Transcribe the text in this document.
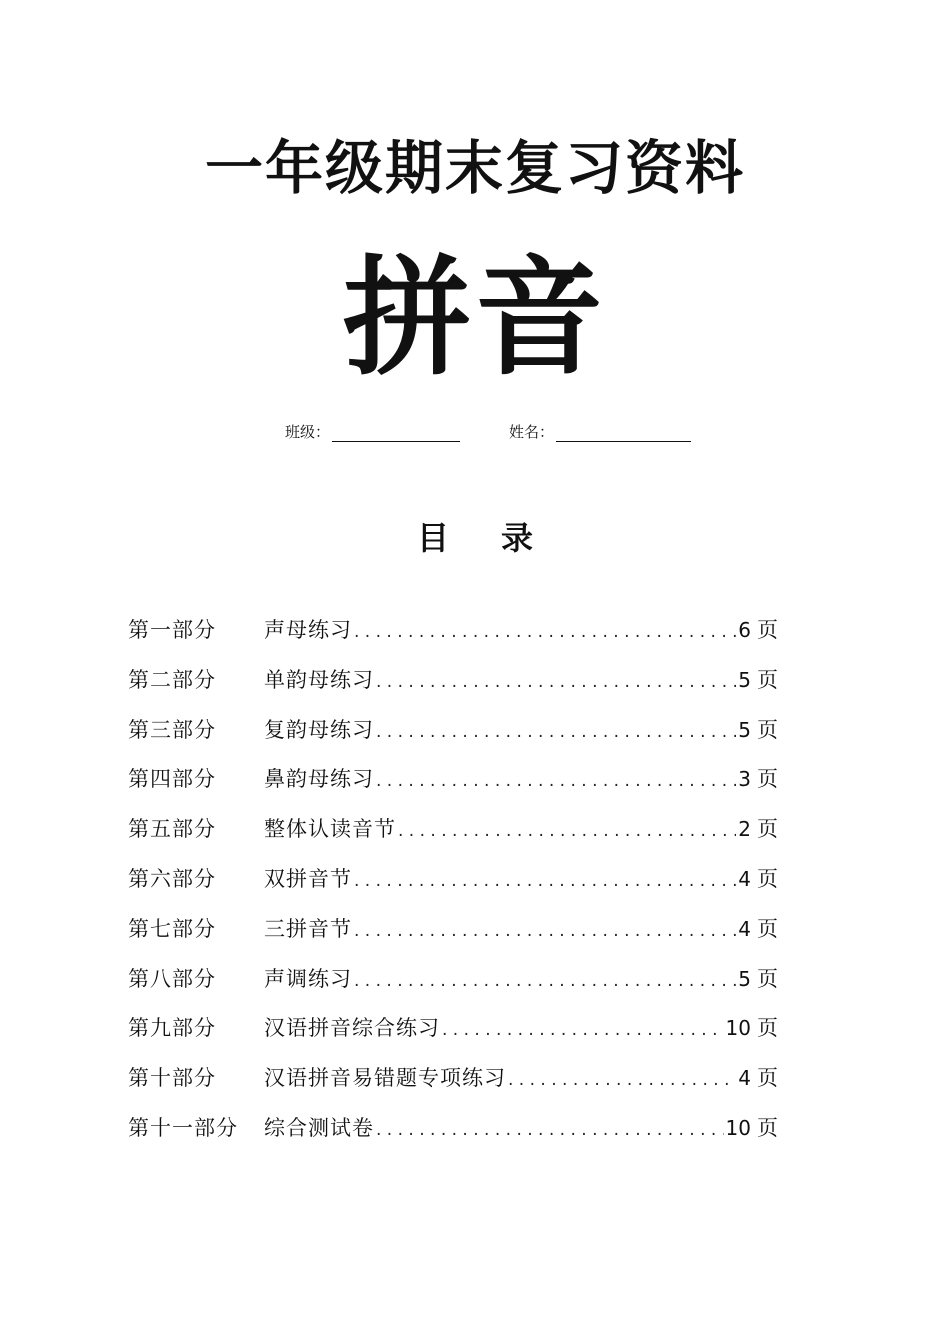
一年级期末复习资料
拼音
班级：	姓名：
目 录
第一部分	声母练习 .....	6 页
第二部分	单韵母练习 .....	5 页
第三部分	复韵母练习 .....	5 页
第四部分	鼻韵母练习 .....	3 页
第五部分	整体认读音节 .....	2 页
第六部分	双拼音节 .....	4 页
第七部分	三拼音节 .....	4 页
第八部分	声调练习 .....	5 页
第九部分	汉语拼音综合练习 .....	10 页
第十部分	汉语拼音易错题专项练习 .....	4 页
第十一部分	综合测试卷 .....	10 页
